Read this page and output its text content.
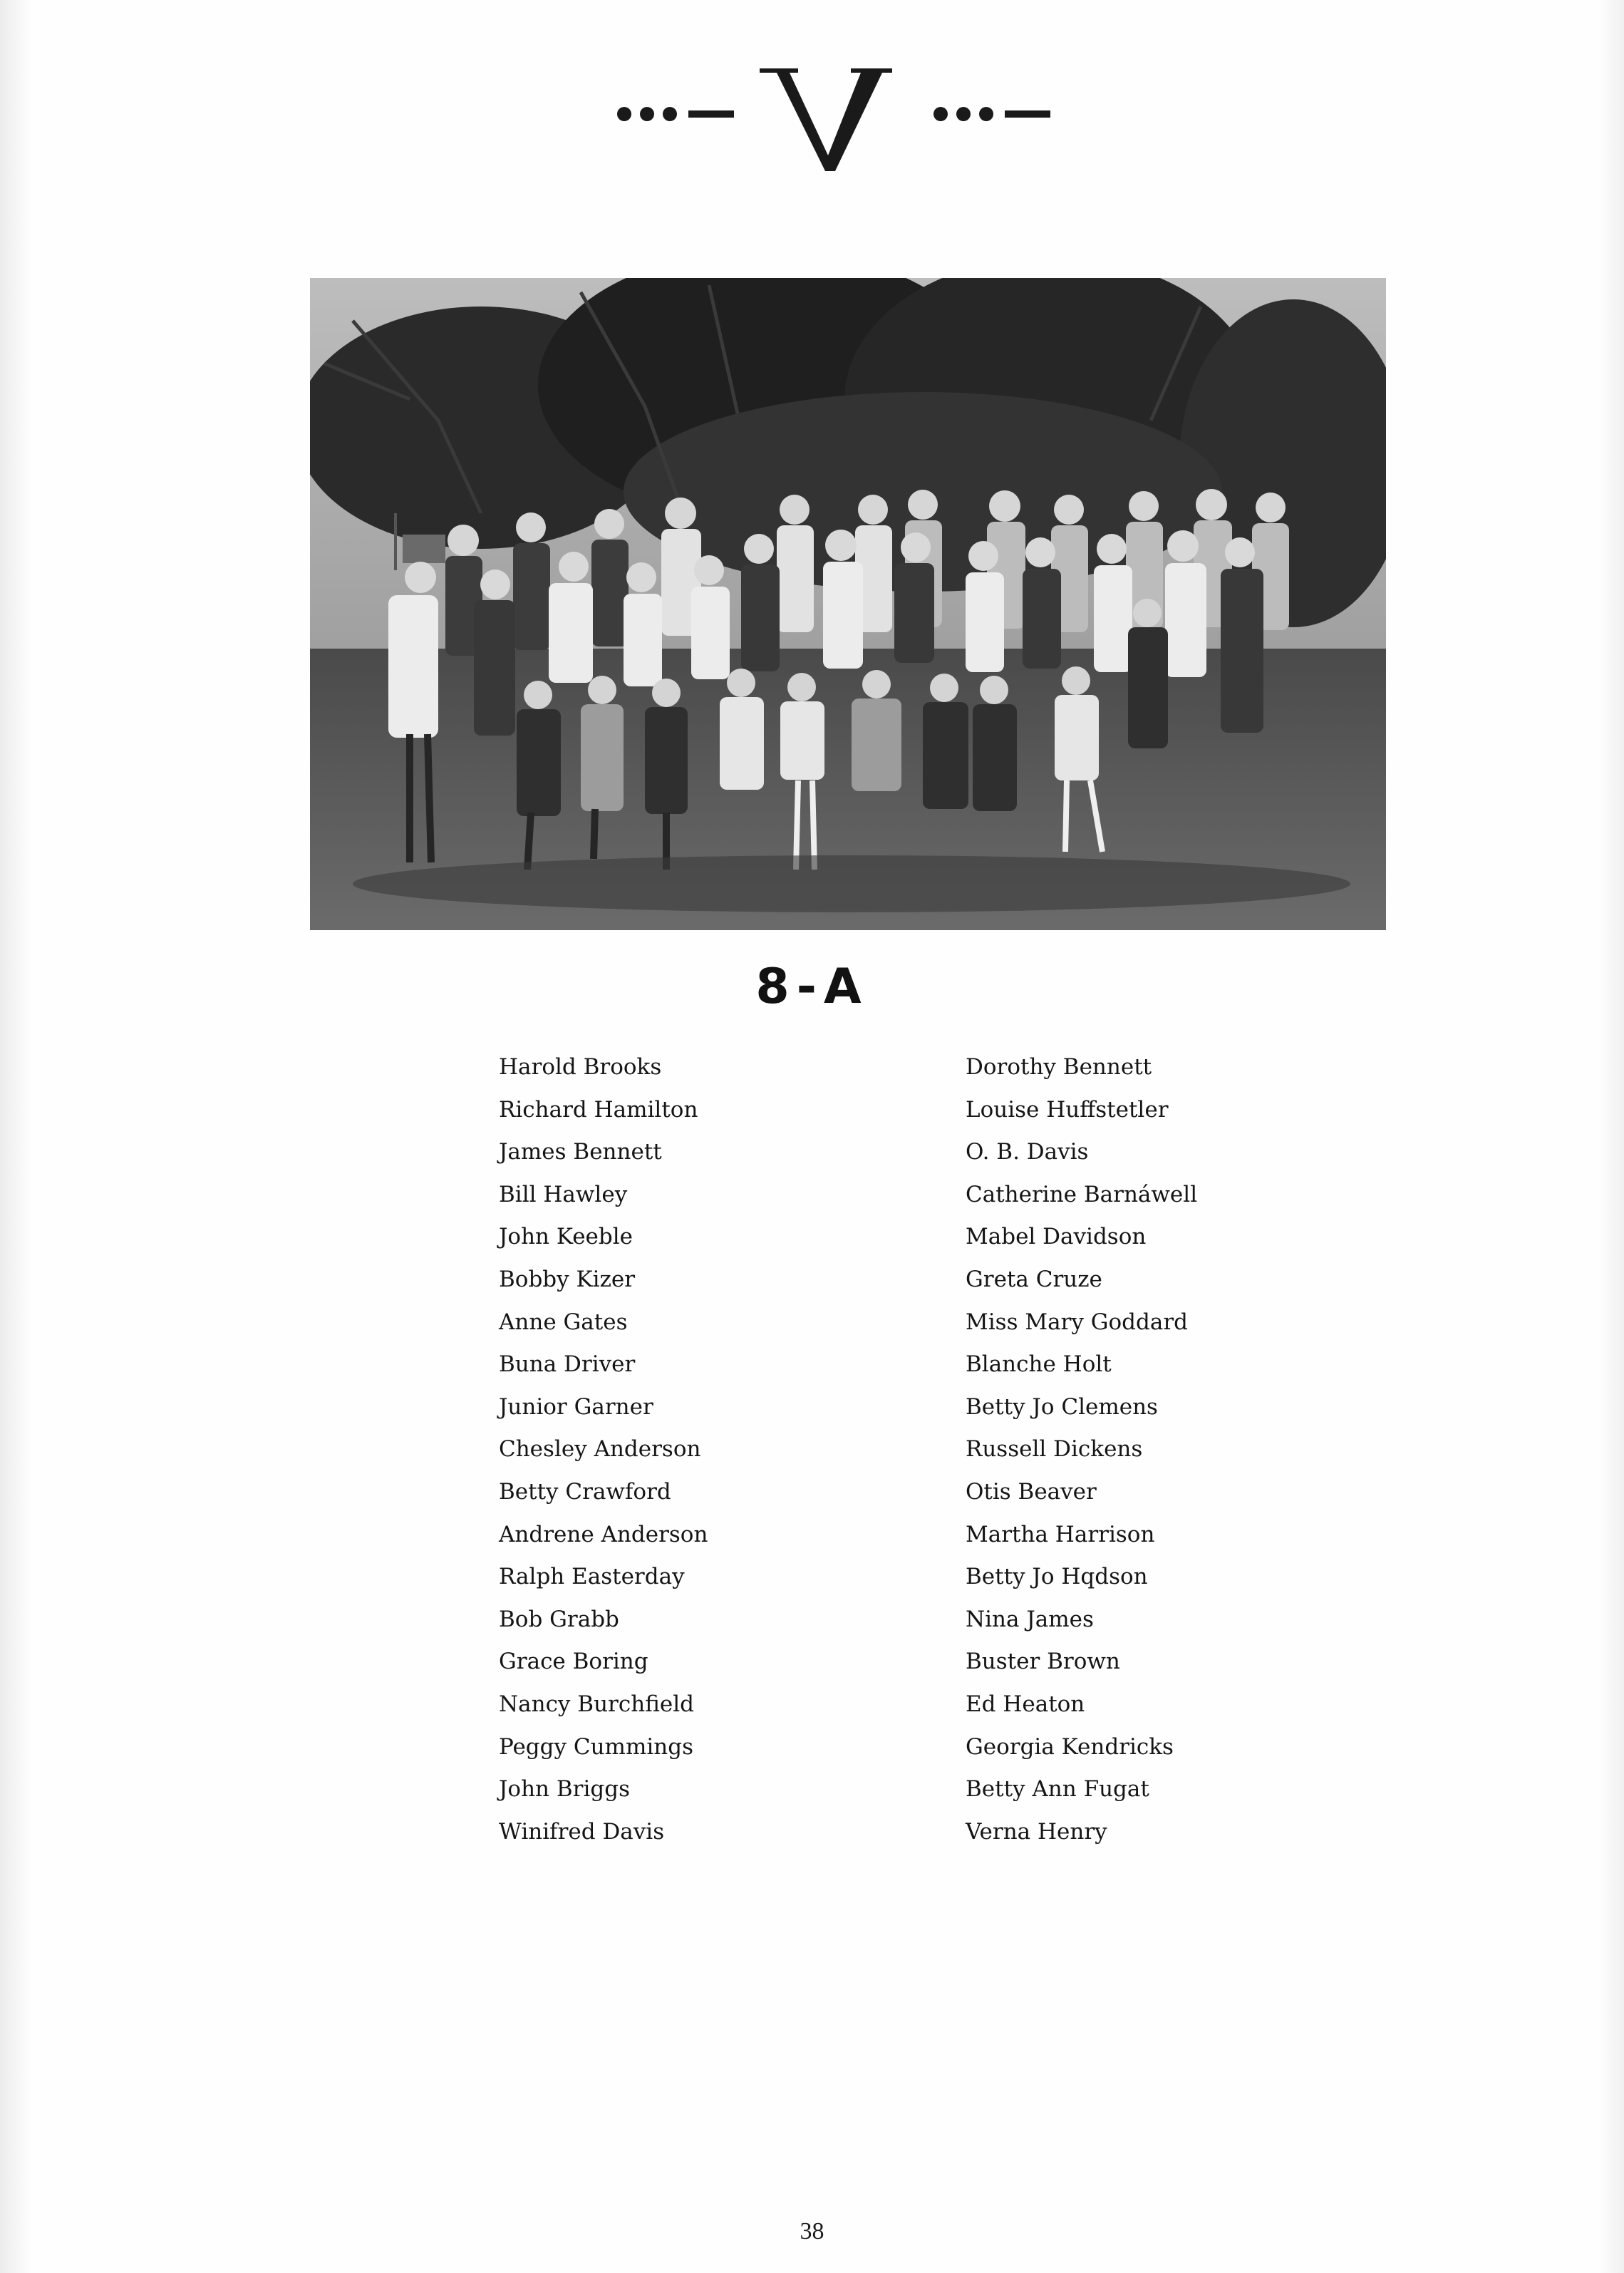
8-A
Harold Brooks
Richard Hamilton
James Bennett
Bill Hawley
John Keeble
Bobby Kizer
Anne Gates
Buna Driver
Junior Garner
Chesley Anderson
Betty Crawford
Andrene Anderson
Ralph Easterday
Bob Grabb
Grace Boring
Nancy Burchfield
Peggy Cummings
John Briggs
Winifred Davis
Dorothy Bennett
Louise Huffstetler
O. B. Davis
Catherine Barnáwell
Mabel Davidson
Greta Cruze
Miss Mary Goddard
Blanche Holt
Betty Jo Clemens
Russell Dickens
Otis Beaver
Martha Harrison
Betty Jo Hqdson
Nina James
Buster Brown
Ed Heaton
Georgia Kendricks
Betty Ann Fugat
Verna Henry
38
